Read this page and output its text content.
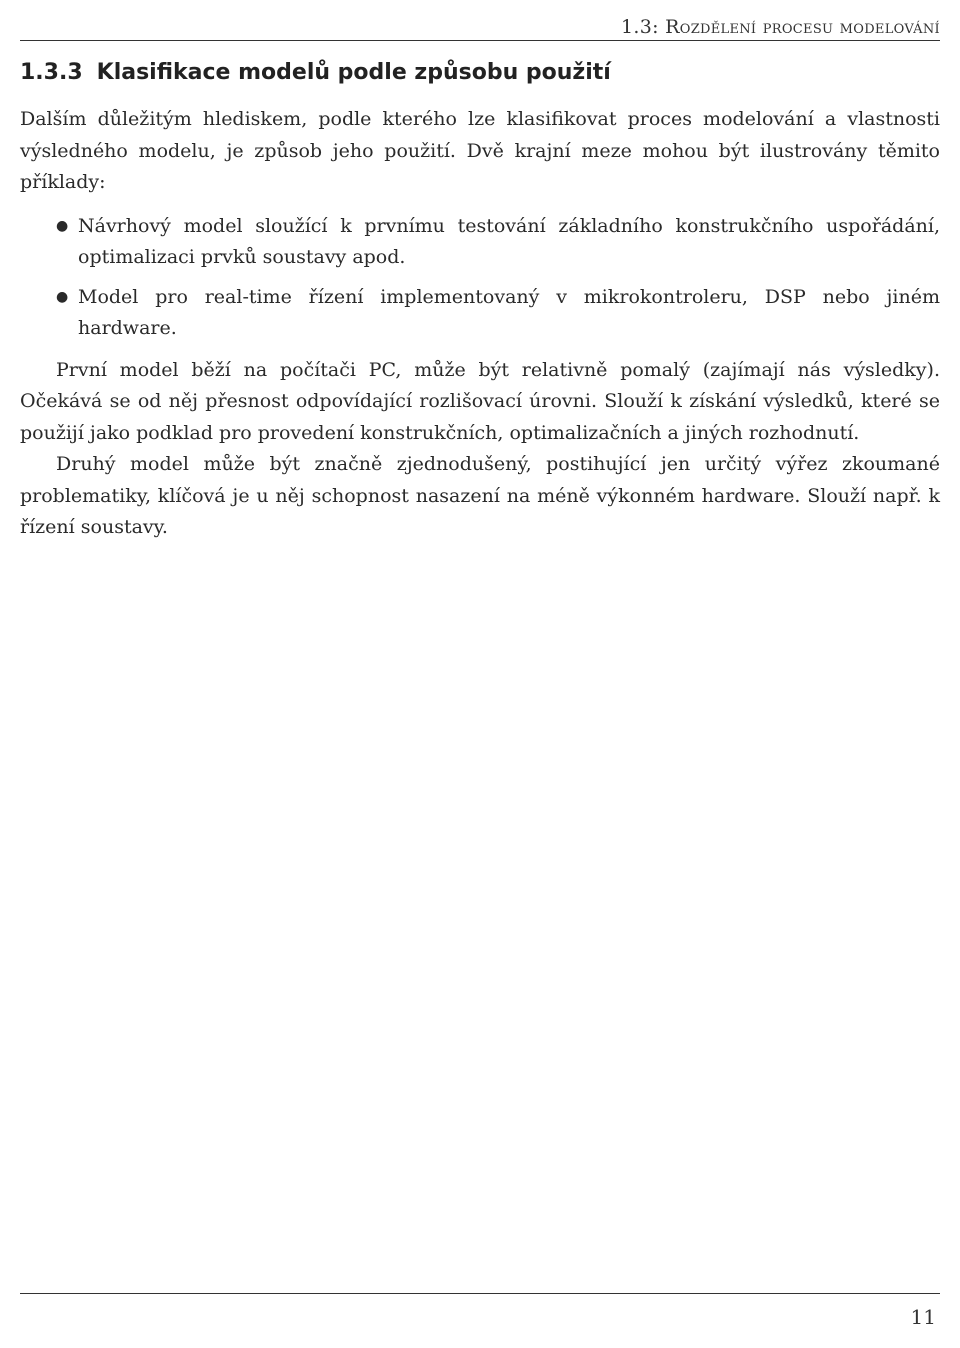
1.3: Rozdělení procesu modelování
1.3.3 Klasifikace modelů podle způsobu použití

Dalším důležitým hlediskem, podle kterého lze klasifikovat proces modelování a vlastnosti výsledného modelu, je způsob jeho použití. Dvě krajní meze mohou být ilustrovány těmito příklady:

● Návrhový model sloužící k prvnímu testování základního konstrukčního uspořádání, optimalizaci prvků soustavy apod.
● Model pro real-time řízení implementovaný v mikrokontroleru, DSP nebo jiném hardware.

První model běží na počítači PC, může být relativně pomalý (zajímají nás výsledky). Očekává se od něj přesnost odpovídající rozlišovací úrovni. Slouží k získání výsledků, které se použijí jako podklad pro provedení konstrukčních, optimalizačních a jiných rozhodnutí.

Druhý model může být značně zjednodušený, postihující jen určitý výřez zkoumané problematiky, klíčová je u něj schopnost nasazení na méně výkonném hardware. Slouží např. k řízení soustavy.

11
